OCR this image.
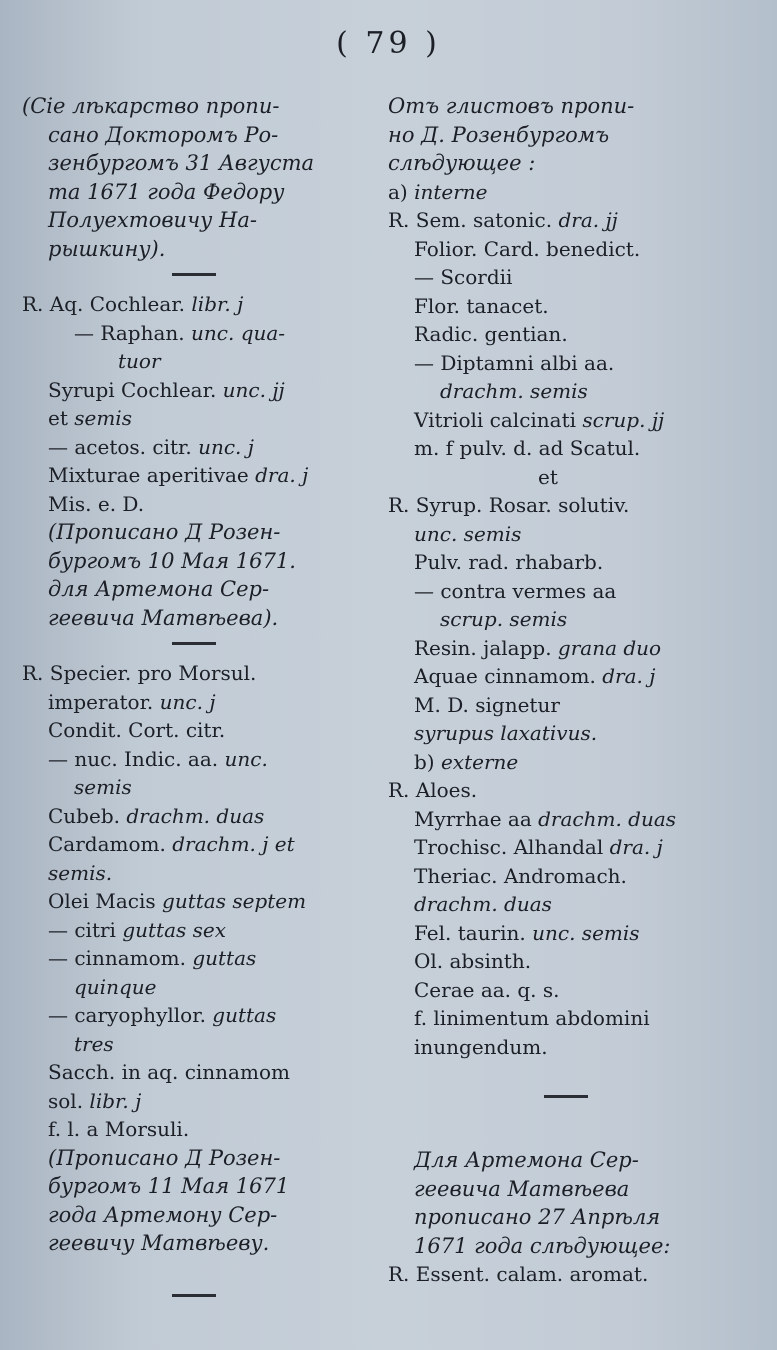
( 79 )
(Сiе лѣкарство пропи-
сано Докторомъ Ро-
зенбургомъ 31 Августа
та 1671 года Федору
Полуехтовичу На-
рышкину).
R. Aq. Cochlear. libr. j
— Raphan. unc. qua-
tuor
Syrupi Cochlear. unc. jj
et semis
— acetos. citr. unc. j
Mixturae aperitivae dra. j
Mis. e. D.
(Прописано Д Розен-
бургомъ 10 Мая 1671.
для Артемона Сер-
геевича Матвѣева).
R. Specier. pro Morsul.
imperator. unc. j
Condit. Cort. citr.
— nuc. Indic. aa. unc.
semis
Cubeb. drachm. duas
Cardamom. drachm. j et
semis.
Olei Macis guttas septem
— citri guttas sex
— cinnamom. guttas
quinque
— caryophyllor. guttas
tres
Sacch. in aq. cinnamom
sol. libr. j
f. l. a Morsuli.
(Прописано Д Розен-
бургомъ 11 Мая 1671
года Артемону Сер-
геевичу Матвѣеву.
Отъ глистовъ пропи-
но Д. Розенбургомъ
слѣдующее :
a) interne
R. Sem. satonic. dra. jj
Folior. Card. benedict.
— Scordii
Flor. tanacet.
Radic. gentian.
— Diptamni albi aa.
drachm. semis
Vitrioli calcinati scrup. jj
m. f pulv. d. ad Scatul.
et
R. Syrup. Rosar. solutiv.
unc. semis
Pulv. rad. rhabarb.
— contra vermes aa
scrup. semis
Resin. jalapp. grana duo
Aquae cinnamom. dra. j
M. D. signetur
syrupus laxativus.
b) externe
R. Aloes.
Myrrhae aa drachm. duas
Trochisc. Alhandal dra. j
Theriac. Andromach.
drachm. duas
Fel. taurin. unc. semis
Ol. absinth.
Cerae aa. q. s.
f. linimentum abdomini
inungendum.
Для Артемона Сер-
геевича Матвѣева
прописано 27 Апрѣля
1671 года слѣдующее:
R. Essent. calam. aromat.
